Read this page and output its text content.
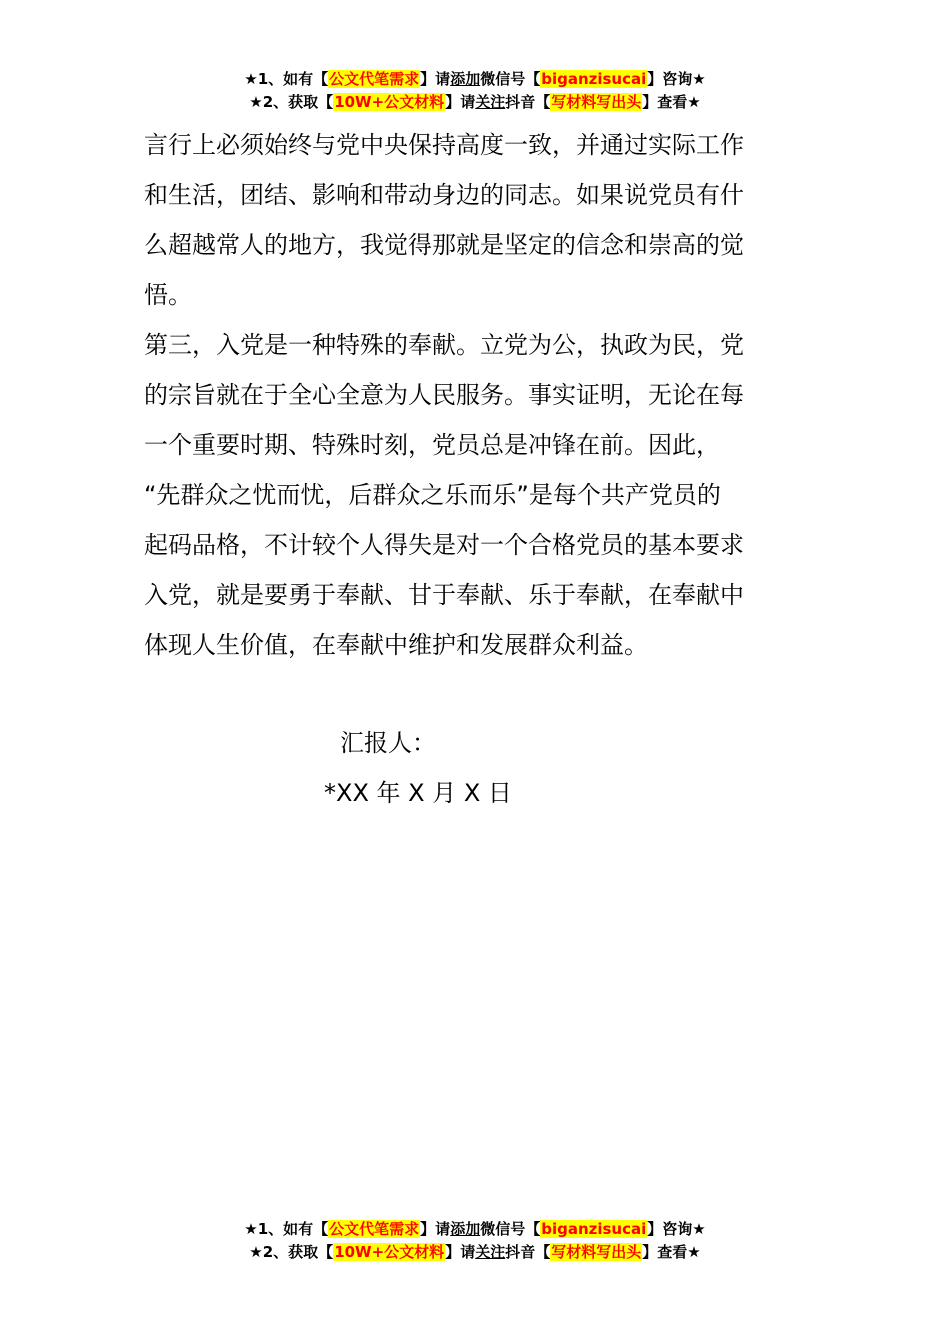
★1、如有【公文代笔需求】请添加微信号【biganzisucai】咨询★
★2、获取【10W+公文材料】请关注抖音【写材料写出头】查看★
言行上必须始终与党中央保持高度一致，并通过实际工作
和生活，团结、影响和带动身边的同志。如果说党员有什
么超越常人的地方，我觉得那就是坚定的信念和崇高的觉
悟。
第三，入党是一种特殊的奉献。立党为公，执政为民，党
的宗旨就在于全心全意为人民服务。事实证明，无论在每
一个重要时期、特殊时刻，党员总是冲锋在前。因此，
“先群众之忧而忧，后群众之乐而乐”是每个共产党员的
起码品格，不计较个人得失是对一个合格党员的基本要求
入党，就是要勇于奉献、甘于奉献、乐于奉献，在奉献中
体现人生价值，在奉献中维护和发展群众利益。
汇报人：
*XX 年 X 月 X 日
★1、如有【公文代笔需求】请添加微信号【biganzisucai】咨询★
★2、获取【10W+公文材料】请关注抖音【写材料写出头】查看★
